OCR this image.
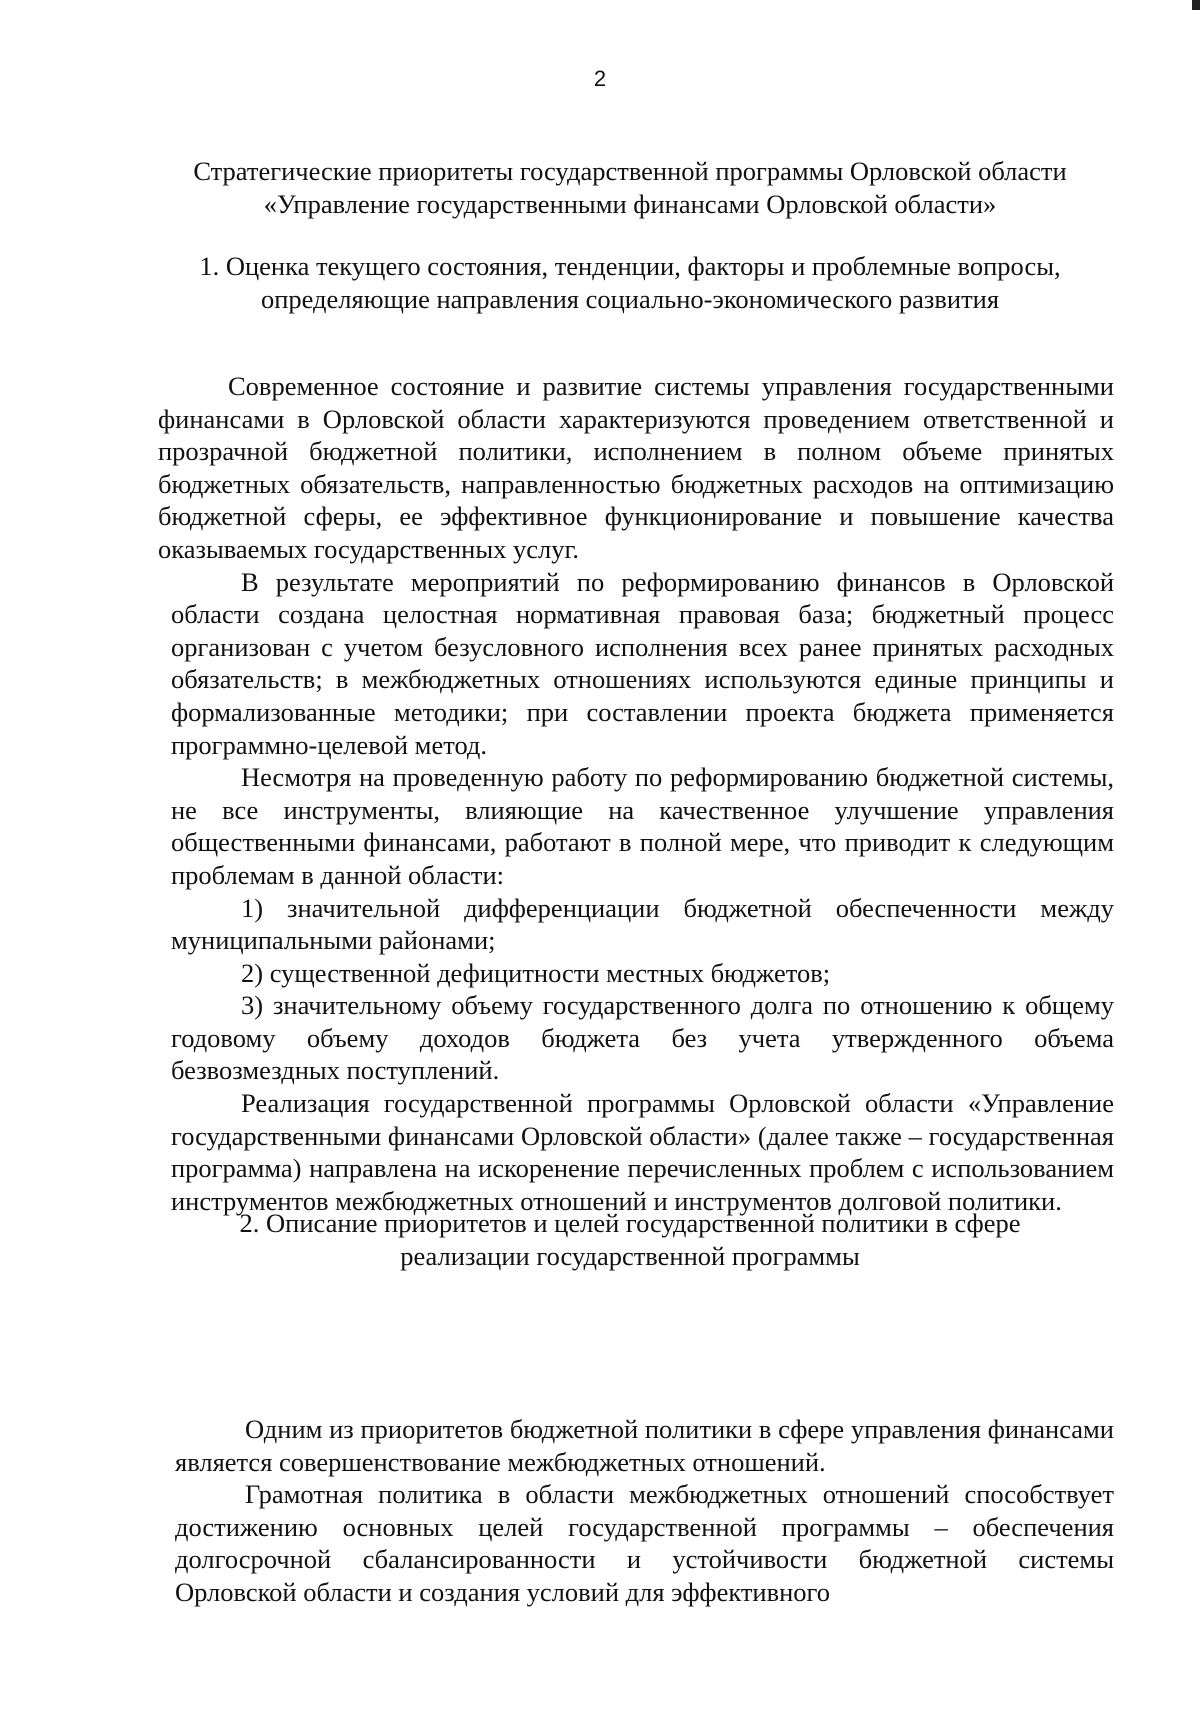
2
Стратегические приоритеты государственной программы Орловской области
«Управление государственными финансами Орловской области»
1. Оценка текущего состояния, тенденции, факторы и проблемные вопросы,
определяющие направления социально-экономического развития

Современное состояние и развитие системы управления государственными финансами в Орловской области характеризуются проведением ответственной и прозрачной бюджетной политики, исполнением в полном объеме принятых бюджетных обязательств, направленностью бюджетных расходов на оптимизацию бюджетной сферы, ее эффективное функционирование и повышение качества оказываемых государственных услуг.

В результате мероприятий по реформированию финансов в Орловской области создана целостная нормативная правовая база; бюджетный процесс организован с учетом безусловного исполнения всех ранее принятых расходных обязательств; в межбюджетных отношениях используются единые принципы и формализованные методики; при составлении проекта бюджета применяется программно-целевой метод.

Несмотря на проведенную работу по реформированию бюджетной системы, не все инструменты, влияющие на качественное улучшение управления общественными финансами, работают в полной мере, что приводит к следующим проблемам в данной области:

1) значительной дифференциации бюджетной обеспеченности между муниципальными районами;

2) существенной дефицитности местных бюджетов;

3) значительному объему государственного долга по отношению к общему годовому объему доходов бюджета без учета утвержденного объема безвозмездных поступлений.

Реализация государственной программы Орловской области «Управление государственными финансами Орловской области» (далее также – государственная программа) направлена на искоренение перечисленных проблем с использованием инструментов межбюджетных отношений и инструментов долговой политики.

2. Описание приоритетов и целей государственной политики в сфере
реализации государственной программы

Одним из приоритетов бюджетной политики в сфере управления финансами является совершенствование межбюджетных отношений.

Грамотная политика в области межбюджетных отношений способствует достижению основных целей государственной программы – обеспечения долгосрочной сбалансированности и устойчивости бюджетной системы Орловской области и создания условий для эффективного
